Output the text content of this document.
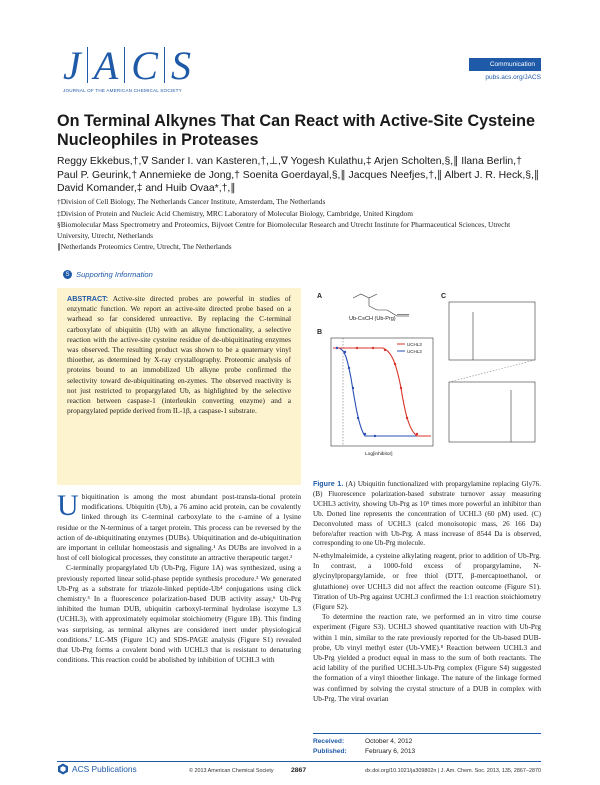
J A C S
JOURNAL OF THE AMERICAN CHEMICAL SOCIETY
Communication
pubs.acs.org/JACS
On Terminal Alkynes That Can React with Active-Site Cysteine Nucleophiles in Proteases
Reggy Ekkebus,†,∇ Sander I. van Kasteren,†,⊥,∇ Yogesh Kulathu,‡ Arjen Scholten,§,∥ Ilana Berlin,† Paul P. Geurink,† Annemieke de Jong,† Soenita Goerdayal,§,∥ Jacques Neefjes,†,∥ Albert J. R. Heck,§,∥ David Komander,‡ and Huib Ovaa*,†,∥

†Division of Cell Biology, The Netherlands Cancer Institute, Amsterdam, The Netherlands

‡Division of Protein and Nucleic Acid Chemistry, MRC Laboratory of Molecular Biology, Cambridge, United Kingdom

§Biomolecular Mass Spectrometry and Proteomics, Bijvoet Centre for Biomolecular Research and Utrecht Institute for Pharmaceutical Sciences, Utrecht University, Utrecht, Netherlands

∥Netherlands Proteomics Centre, Utrecht, The Netherlands

S Supporting Information
ABSTRACT: Active-site directed probes are powerful in studies of enzymatic function. We report an active-site directed probe based on a warhead so far considered unreactive. By replacing the C-terminal carboxylate of ubiquitin (Ub) with an alkyne functionality, a selective reaction with the active-site cysteine residue of de-ubiquitinating enzymes was observed. The resulting product was shown to be a quaternary vinyl thioether, as determined by X-ray crystallography. Proteomic analysis of proteins bound to an immobilized Ub alkyne probe confirmed the selectivity toward de-ubiquitinating en-zymes. The observed reactivity is not just restricted to propargylated Ub, as highlighted by the selective reaction between caspase-1 (interleukin converting enzyme) and a propargylated peptide derived from IL-1β, a caspase-1 substrate.
A
Ub-C≡CH (Ub-Prg)
B
UCHL3
UCHL3
Log[inhibitor]
C
Figure 1. (A) Ubiquitin functionalized with propargylamine replacing Gly76. (B) Fluorescence polarization-based substrate turnover assay measuring UCHL3 activity, showing Ub-Prg as 10⁵ times more powerful an inhibitor than Ub. Dotted line represents the concentration of UCHL3 (60 pM) used. (C) Deconvoluted mass of UCHL3 (calcd monoisotopic mass, 26 166 Da) before/after reaction with Ub-Prg. A mass increase of 8544 Da is observed, corresponding to one Ub-Prg molecule.

Ubiquitination is among the most abundant post-transla-tional protein modifications. Ubiquitin (Ub), a 76 amino acid protein, can be covalently linked through its C-terminal carboxylate to the ε-amine of a lysine residue or the N-terminus of a target protein. This process can be reversed by the action of de-ubiquitinating enzymes (DUBs). Ubiquitination and de-ubiquitination are important in cellular homeostasis and signaling.¹ As DUBs are involved in a host of cell biological processes, they constitute an attractive therapeutic target.²

C-terminally propargylated Ub (Ub-Prg, Figure 1A) was synthesized, using a previously reported linear solid-phase peptide synthesis procedure.³ We generated Ub-Prg as a substrate for triazole-linked peptide-Ub⁴ conjugations using click chemistry.⁵ In a fluorescence polarization-based DUB activity assay,⁶ Ub-Prg inhibited the human DUB, ubiquitin carboxyl-terminal hydrolase isozyme L3 (UCHL3), with approximately equimolar stoichiometry (Figure 1B). This finding was surprising, as terminal alkynes are considered inert under physiological conditions.⁷ LC-MS (Figure 1C) and SDS-PAGE analysis (Figure S1) revealed that Ub-Prg forms a covalent bond with UCHL3 that is resistant to denaturing conditions. This reaction could be abolished by inhibition of UCHL3 with

N-ethylmaleimide, a cysteine alkylating reagent, prior to addition of Ub-Prg. In contrast, a 1000-fold excess of propargylamine, N-glycinylpropargylamide, or free thiol (DTT, β-mercaptoethanol, or glutathione) over UCHL3 did not affect the reaction outcome (Figure S1). Titration of Ub-Prg against UCHL3 confirmed the 1:1 reaction stoichiometry (Figure S2).

To determine the reaction rate, we performed an in vitro time course experiment (Figure S3). UCHL3 showed quantitative reaction with Ub-Prg within 1 min, similar to the rate previously reported for the Ub-based DUB-probe, Ub vinyl methyl ester (Ub-VME).⁸ Reaction between UCHL3 and Ub-Prg yielded a product equal in mass to the sum of both reactants. The acid lability of the purified UCHL3-Ub-Prg complex (Figure S4) suggested the formation of a vinyl thioether linkage. The nature of the linkage formed was confirmed by solving the crystal structure of a DUB in complex with Ub-Prg. The viral ovarian

Received:	October 4, 2012
Published:	February 6, 2013
ACS Publications	© 2013 American Chemical Society	2867	dx.doi.org/10.1021/ja309802n | J. Am. Chem. Soc. 2013, 135, 2867−2870
